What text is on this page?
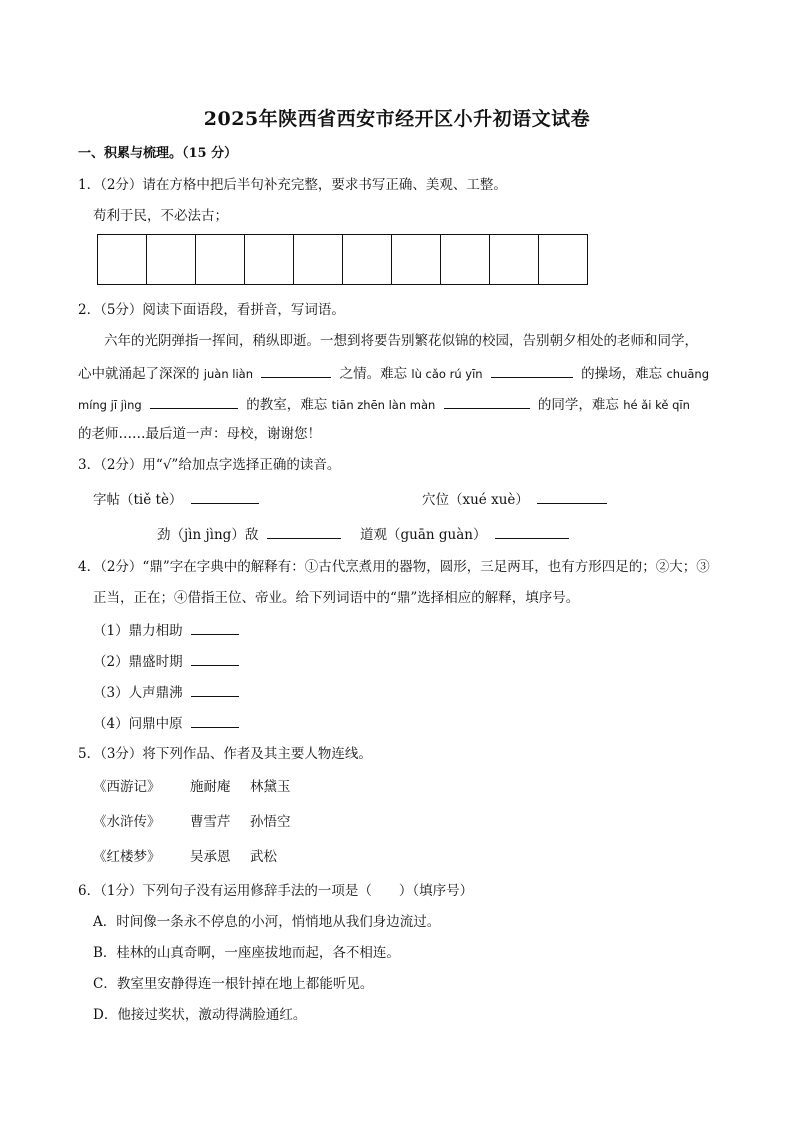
2025年陕西省西安市经开区小升初语文试卷
一、积累与梳理。（15 分）
1．（2分）请在方格中把后半句补充完整，要求书写正确、美观、工整。
苟利于民，不必法古；
2．（5分）阅读下面语段，看拼音，写词语。
六年的光阴弹指一挥间，稍纵即逝。一想到将要告别繁花似锦的校园，告别朝夕相处的老师和同学，
心中就涌起了深深的 juàn liàn	之情。难忘 lù cǎo rú yīn	的操场，难忘 chuāng
míng jī jìng	的教室，难忘 tiān zhēn làn màn	的同学，难忘 hé ǎi kě qīn
的老师……最后道一声：母校，谢谢您！
3．（2分）用“√”给加点字选择正确的读音。
字帖（tiě tè）	穴位（xué xuè）
劲（jìn jìng）敌	道观（guān guàn）
4．（2分）“鼎”字在字典中的解释有：①古代烹煮用的器物，圆形，三足两耳，也有方形四足的；②大；③
正当，正在；④借指王位、帝业。给下列词语中的“鼎”选择相应的解释，填序号。
（1）鼎力相助
（2）鼎盛时期
（3）人声鼎沸
（4）问鼎中原
5．（3分）将下列作品、作者及其主要人物连线。
《西游记》 施耐庵 林黛玉
《水浒传》 曹雪芹 孙悟空
《红楼梦》 吴承恩 武松
6．（1分）下列句子没有运用修辞手法的一项是（　　）（填序号）
A．时间像一条永不停息的小河，悄悄地从我们身边流过。
B．桂林的山真奇啊，一座座拔地而起，各不相连。
C．教室里安静得连一根针掉在地上都能听见。
D．他接过奖状，激动得满脸通红。
